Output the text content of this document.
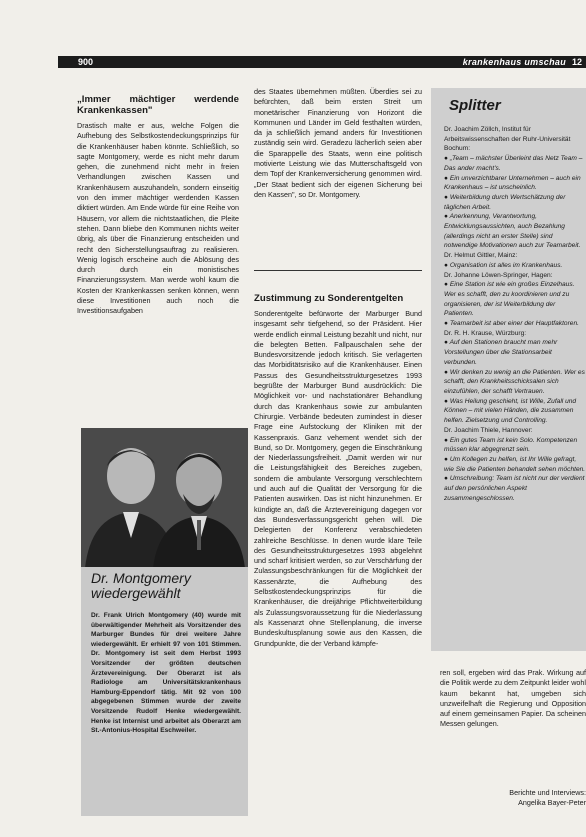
900	krankenhaus umschau 12
„Immer mächtiger werdende Krankenkassen"

Drastisch malte er aus, welche Folgen die Aufhebung des Selbstkostendeckungsprinzips für die Krankenhäuser haben könnte. Schließlich, so sagte Montgomery, werde es nicht mehr darum gehen, die zunehmend nicht mehr in freien Verhandlungen zwischen Kassen und Krankenhäusern auszuhandeln, sondern einseitig von den immer mächtiger werdenden Kassen diktiert würden. Am Ende würde für eine Reihe von Häusern, vor allem die nichtstaatlichen, die Pleite stehen. Dann bliebe den Kommunen nichts weiter übrig, als über die Finanzierung entscheiden und recht den Sicherstellungsauftrag zu realisieren. Wenig logisch erscheine auch die Ablösung des durch durch ein monistisches Finanzierungssystem. Man werde wohl kaum die Kosten der Krankenkassen senken können, wenn diese Investitionen auch noch die Investitionsaufgaben

des Staates übernehmen müßten. Überdies sei zu befürchten, daß beim ersten Streit um monetärischer Finanzierung von Horizont die Kommunen und Länder im Geld festhalten würden, da ja schließlich jemand anders für Investitionen zuständig sein wird. Geradezu lächerlich seien aber die Sparappelle des Staats, wenn eine politisch motivierte Leistung wie das Mutterschaftsgeld von dem Topf der Krankenversicherung genommen wird. „Der Staat bedient sich der eigenen Sicherung bei den Kassen", so Dr. Montgomery.

Zustimmung zu Sonderentgelten

Sonderentgelte befürworte der Marburger Bund insgesamt sehr tiefgehend, so der Präsident. Hier werde endlich einmal Leistung bezahlt und nicht, nur die belegten Betten. Fallpauschalen sehe der Bundesvorsitzende jedoch kritisch. Sie verlagerten das Morbiditätsrisiko auf die Krankenhäuser. Einen Passus des Gesundheitsstrukturgesetzes 1993 begrüßte der Marburger Bund ausdrücklich: Die Möglichkeit vor- und nachstationärer Behandlung durch das Krankenhaus sowie zur ambulanten Chirurgie. Verbände bedeuten zumindest in dieser Frage eine Aufstockung der Kliniken mit der Kassenpraxis. Ganz vehement wendet sich der Bund, so Dr. Montgomery, gegen die Einschränkung der Niederlassungsfreiheit. „Damit werden wir nur die Leistungsfähigkeit des Bereiches zugeben, sondern die ambulante Versorgung verschlechtern und auch auf die Qualität der Versorgung für die Patienten auswirken. Das ist nicht hinzunehmen. Er kündigte an, daß die Ärztevereinigung dagegen vor das Bundesverfassungsgericht gehen will. Die Delegierten der Konferenz verabschiedeten zahlreiche Beschlüsse. In denen wurde klare Teile des Gesundheitsstrukturgesetzes 1993 abgelehnt und scharf kritisiert werden, so zur Verschärfung der Zulassungsbeschränkungen für die Möglichkeit der Kassenärzte, die Aufhebung des Selbstkostendeckungsprinzips für die Krankenhäuser, die dreijährige Pflichtweiterbildung als Zulassungsvoraussetzung für die Niederlassung als Kassenarzt ohne Stellenplanung, die inverse Bundeskultusplanung sowie aus den Kassen, die Grundpunkte, die der Verband kämpfe-

Dr. Montgomery wiedergewählt
Dr. Frank Ulrich Montgomery (40) wurde mit überwältigender Mehrheit als Vorsitzender des Marburger Bundes für drei weitere Jahre wiedergewählt. Er erhielt 97 von 101 Stimmen. Dr. Montgomery ist seit dem Herbst 1993 Vorsitzender der größten deutschen Ärztevereinigung. Der Oberarzt ist als Radiologe am Universitätskrankenhaus Hamburg-Eppendorf tätig. Mit 92 von 100 abgegebenen Stimmen wurde der zweite Vorsitzende Rudolf Henke wiedergewählt. Henke ist Internist und arbeitet als Oberarzt am St.-Antonius-Hospital Eschweiler.
Splitter

Dr. Joachim Zöllch, Institut für Arbeitswissenschaften der Ruhr-Universität Bochum:

● „Team – mächster Überleint das Netz Team – Das ander macht's.

● Ein unverzichtbarer Unternehmen – auch ein Krankenhaus – ist unscheinlich.

● Weiterbildung durch Wertschätzung der täglichen Arbeit.

● Anerkennung, Verantwortung, Entwicklungsaussichten, auch Bezahlung (allerdings nicht an erster Stelle) sind notwendige Motivationen auch zur Teamarbeit.

Dr. Helmut Gittler, Mainz:

● Organisation ist alles im Krankenhaus.

Dr. Johanne Löwen-Springer, Hagen:

● Eine Station ist wie ein großes Einzelhaus. Wer es schafft, den zu koordinieren und zu organisieren, der ist Weiterbildung der Patienten.

● Teamarbeit ist aber einer der Hauptfaktoren.

Dr. R. H. Krause, Würzburg:

● Auf den Stationen braucht man mehr Vorstellungen über die Stationsarbeit verbunden.

● Wir denken zu wenig an die Patienten. Wer es schafft, den Krankheitsschicksalen sich einzufühlen, der schafft Vertrauen.

● Was Heilung geschieht, ist Wille, Zufall und Können – mit vielen Händen, die zusammen helfen. Zielsetzung und Controlling.

Dr. Joachim Thiele, Hannover:

● Ein gutes Team ist kein Solo. Kompetenzen müssen klar abgegrenzt sein.

● Um Kollegen zu helfen, ist Ihr Wille gefragt, wie Sie die Patienten behandelt sehen möchten.

● Umschreibung: Team ist nicht nur der verdient auf den persönlichen Aspekt zusammengeschlossen.

ren soll, ergeben wird das Prak. Wirkung auf die Politik werde zu dem Zeitpunkt leider wohl kaum bekannt hat, umgeben sich unzweifelhaft die Regierung und Opposition auf einem gemeinsamen Papier. Da scheinen Messen gelungen.

Berichte und Interviews:
Angelika Bayer-Peter
